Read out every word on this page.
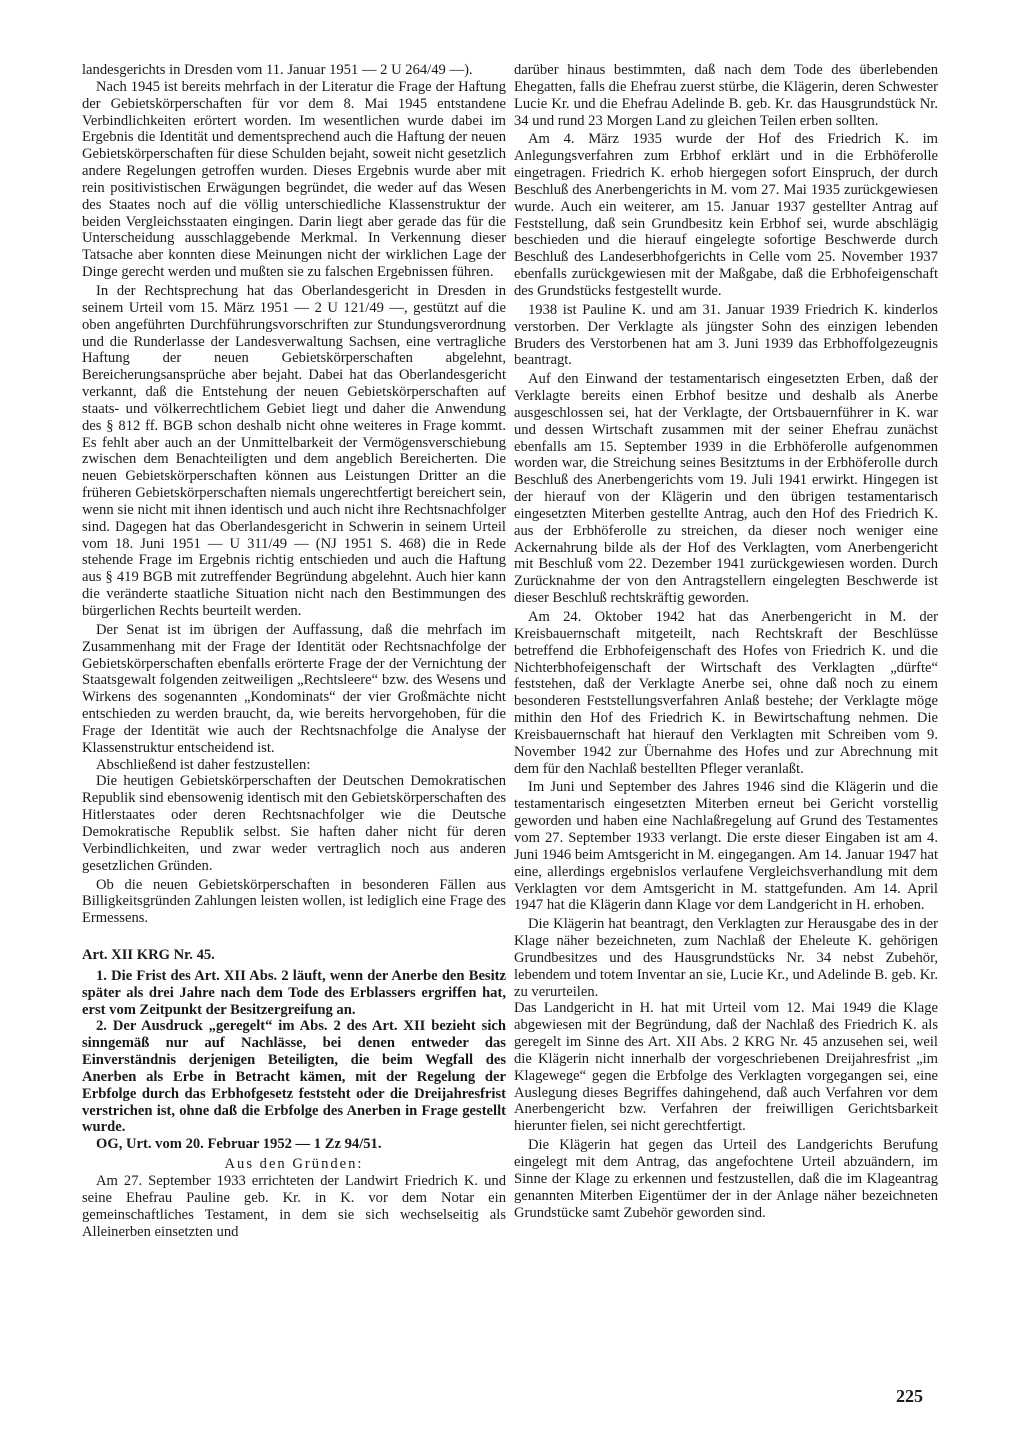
landesgerichts in Dresden vom 11. Januar 1951 — 2 U 264/49 —).

Nach 1945 ist bereits mehrfach in der Literatur die Frage der Haftung der Gebietskörperschaften für vor dem 8. Mai 1945 entstandene Verbindlichkeiten erörtert worden. Im wesentlichen wurde dabei im Ergebnis die Identität und dementsprechend auch die Haftung der neuen Gebietskörperschaften für diese Schulden bejaht, soweit nicht gesetzlich andere Regelungen getroffen wurden. Dieses Ergebnis wurde aber mit rein positivistischen Erwägungen begründet, die weder auf das Wesen des Staates noch auf die völlig unterschiedliche Klassenstruktur der beiden Vergleichsstaaten eingingen. Darin liegt aber gerade das für die Unterscheidung ausschlaggebende Merkmal. In Verkennung dieser Tatsache aber konnten diese Meinungen nicht der wirklichen Lage der Dinge gerecht werden und mußten sie zu falschen Ergebnissen führen.

In der Rechtsprechung hat das Oberlandesgericht in Dresden in seinem Urteil vom 15. März 1951 — 2 U 121/49 —, gestützt auf die oben angeführten Durchführungsvorschriften zur Stundungsverordnung und die Runderlasse der Landesverwaltung Sachsen, eine vertragliche Haftung der neuen Gebietskörperschaften abgelehnt, Bereicherungsansprüche aber bejaht. Dabei hat das Oberlandesgericht verkannt, daß die Entstehung der neuen Gebietskörperschaften auf staats- und völkerrechtlichem Gebiet liegt und daher die Anwendung des § 812 ff. BGB schon deshalb nicht ohne weiteres in Frage kommt. Es fehlt aber auch an der Unmittelbarkeit der Vermögensverschiebung zwischen dem Benachteiligten und dem angeblich Bereicherten. Die neuen Gebietskörperschaften können aus Leistungen Dritter an die früheren Gebietskörperschaften niemals ungerechtfertigt bereichert sein, wenn sie nicht mit ihnen identisch und auch nicht ihre Rechtsnachfolger sind. Dagegen hat das Oberlandesgericht in Schwerin in seinem Urteil vom 18. Juni 1951 — U 311/49 — (NJ 1951 S. 468) die in Rede stehende Frage im Ergebnis richtig entschieden und auch die Haftung aus § 419 BGB mit zutreffender Begründung abgelehnt. Auch hier kann die veränderte staatliche Situation nicht nach den Bestimmungen des bürgerlichen Rechts beurteilt werden.

Der Senat ist im übrigen der Auffassung, daß die mehrfach im Zusammenhang mit der Frage der Identität oder Rechtsnachfolge der Gebietskörperschaften ebenfalls erörterte Frage der der Vernichtung der Staatsgewalt folgenden zeitweiligen „Rechtsleere“ bzw. des Wesens und Wirkens des sogenannten „Kondominats“ der vier Großmächte nicht entschieden zu werden braucht, da, wie bereits hervorgehoben, für die Frage der Identität wie auch der Rechtsnachfolge die Analyse der Klassenstruktur entscheidend ist.

Abschließend ist daher festzustellen:

Die heutigen Gebietskörperschaften der Deutschen Demokratischen Republik sind ebensowenig identisch mit den Gebietskörperschaften des Hitlerstaates oder deren Rechtsnachfolger wie die Deutsche Demokratische Republik selbst. Sie haften daher nicht für deren Verbindlichkeiten, und zwar weder vertraglich noch aus anderen gesetzlichen Gründen.

Ob die neuen Gebietskörperschaften in besonderen Fällen aus Billigkeitsgründen Zahlungen leisten wollen, ist lediglich eine Frage des Ermessens.

Art. XII KRG Nr. 45.

1. Die Frist des Art. XII Abs. 2 läuft, wenn der Anerbe den Besitz später als drei Jahre nach dem Tode des Erblassers ergriffen hat, erst vom Zeitpunkt der Besitzergreifung an.

2. Der Ausdruck „geregelt“ im Abs. 2 des Art. XII bezieht sich sinngemäß nur auf Nachlässe, bei denen entweder das Einverständnis derjenigen Beteiligten, die beim Wegfall des Anerben als Erbe in Betracht kämen, mit der Regelung der Erbfolge durch das Erbhofgesetz feststeht oder die Dreijahresfrist verstrichen ist, ohne daß die Erbfolge des Anerben in Frage gestellt wurde.

OG, Urt. vom 20. Februar 1952 — 1 Zz 94/51.

Aus den Gründen:

Am 27. September 1933 errichteten der Landwirt Friedrich K. und seine Ehefrau Pauline geb. Kr. in K. vor dem Notar ein gemeinschaftliches Testament, in dem sie sich wechselseitig als Alleinerben einsetzten und

darüber hinaus bestimmten, daß nach dem Tode des überlebenden Ehegatten, falls die Ehefrau zuerst stürbe, die Klägerin, deren Schwester Lucie Kr. und die Ehefrau Adelinde B. geb. Kr. das Hausgrundstück Nr. 34 und rund 23 Morgen Land zu gleichen Teilen erben sollten.

Am 4. März 1935 wurde der Hof des Friedrich K. im Anlegungsverfahren zum Erbhof erklärt und in die Erbhöferolle eingetragen. Friedrich K. erhob hiergegen sofort Einspruch, der durch Beschluß des Anerbengerichts in M. vom 27. Mai 1935 zurückgewiesen wurde. Auch ein weiterer, am 15. Januar 1937 gestellter Antrag auf Feststellung, daß sein Grundbesitz kein Erbhof sei, wurde abschlägig beschieden und die hierauf eingelegte sofortige Beschwerde durch Beschluß des Landeserbhofgerichts in Celle vom 25. November 1937 ebenfalls zurückgewiesen mit der Maßgabe, daß die Erbhofeigenschaft des Grundstücks festgestellt wurde.

1938 ist Pauline K. und am 31. Januar 1939 Friedrich K. kinderlos verstorben. Der Verklagte als jüngster Sohn des einzigen lebenden Bruders des Verstorbenen hat am 3. Juni 1939 das Erbhoffolgezeugnis beantragt.

Auf den Einwand der testamentarisch eingesetzten Erben, daß der Verklagte bereits einen Erbhof besitze und deshalb als Anerbe ausgeschlossen sei, hat der Verklagte, der Ortsbauernführer in K. war und dessen Wirtschaft zusammen mit der seiner Ehefrau zunächst ebenfalls am 15. September 1939 in die Erbhöferolle aufgenommen worden war, die Streichung seines Besitztums in der Erbhöferolle durch Beschluß des Anerbengerichts vom 19. Juli 1941 erwirkt. Hingegen ist der hierauf von der Klägerin und den übrigen testamentarisch eingesetzten Miterben gestellte Antrag, auch den Hof des Friedrich K. aus der Erbhöferolle zu streichen, da dieser noch weniger eine Ackernahrung bilde als der Hof des Verklagten, vom Anerbengericht mit Beschluß vom 22. Dezember 1941 zurückgewiesen worden. Durch Zurücknahme der von den Antragstellern eingelegten Beschwerde ist dieser Beschluß rechtskräftig geworden.

Am 24. Oktober 1942 hat das Anerbengericht in M. der Kreisbauernschaft mitgeteilt, nach Rechtskraft der Beschlüsse betreffend die Erbhofeigenschaft des Hofes von Friedrich K. und die Nichterbhofeigenschaft der Wirtschaft des Verklagten „dürfte“ feststehen, daß der Verklagte Anerbe sei, ohne daß noch zu einem besonderen Feststellungsverfahren Anlaß bestehe; der Verklagte möge mithin den Hof des Friedrich K. in Bewirtschaftung nehmen. Die Kreisbauernschaft hat hierauf den Verklagten mit Schreiben vom 9. November 1942 zur Übernahme des Hofes und zur Abrechnung mit dem für den Nachlaß bestellten Pfleger veranlaßt.

Im Juni und September des Jahres 1946 sind die Klägerin und die testamentarisch eingesetzten Miterben erneut bei Gericht vorstellig geworden und haben eine Nachlaßregelung auf Grund des Testamentes vom 27. September 1933 verlangt. Die erste dieser Eingaben ist am 4. Juni 1946 beim Amtsgericht in M. eingegangen. Am 14. Januar 1947 hat eine, allerdings ergebnislos verlaufene Vergleichsverhandlung mit dem Verklagten vor dem Amtsgericht in M. stattgefunden. Am 14. April 1947 hat die Klägerin dann Klage vor dem Landgericht in H. erhoben.

Die Klägerin hat beantragt, den Verklagten zur Herausgabe des in der Klage näher bezeichneten, zum Nachlaß der Eheleute K. gehörigen Grundbesitzes und des Hausgrundstücks Nr. 34 nebst Zubehör, lebendem und totem Inventar an sie, Lucie Kr., und Adelinde B. geb. Kr. zu verurteilen.

Das Landgericht in H. hat mit Urteil vom 12. Mai 1949 die Klage abgewiesen mit der Begründung, daß der Nachlaß des Friedrich K. als geregelt im Sinne des Art. XII Abs. 2 KRG Nr. 45 anzusehen sei, weil die Klägerin nicht innerhalb der vorgeschriebenen Dreijahresfrist „im Klagewege“ gegen die Erbfolge des Verklagten vorgegangen sei, eine Auslegung dieses Begriffes dahingehend, daß auch Verfahren vor dem Anerbengericht bzw. Verfahren der freiwilligen Gerichtsbarkeit hierunter fielen, sei nicht gerechtfertigt.

Die Klägerin hat gegen das Urteil des Landgerichts Berufung eingelegt mit dem Antrag, das angefochtene Urteil abzuändern, im Sinne der Klage zu erkennen und festzustellen, daß die im Klageantrag genannten Miterben Eigentümer der in der Anlage näher bezeichneten Grundstücke samt Zubehör geworden sind.

225
